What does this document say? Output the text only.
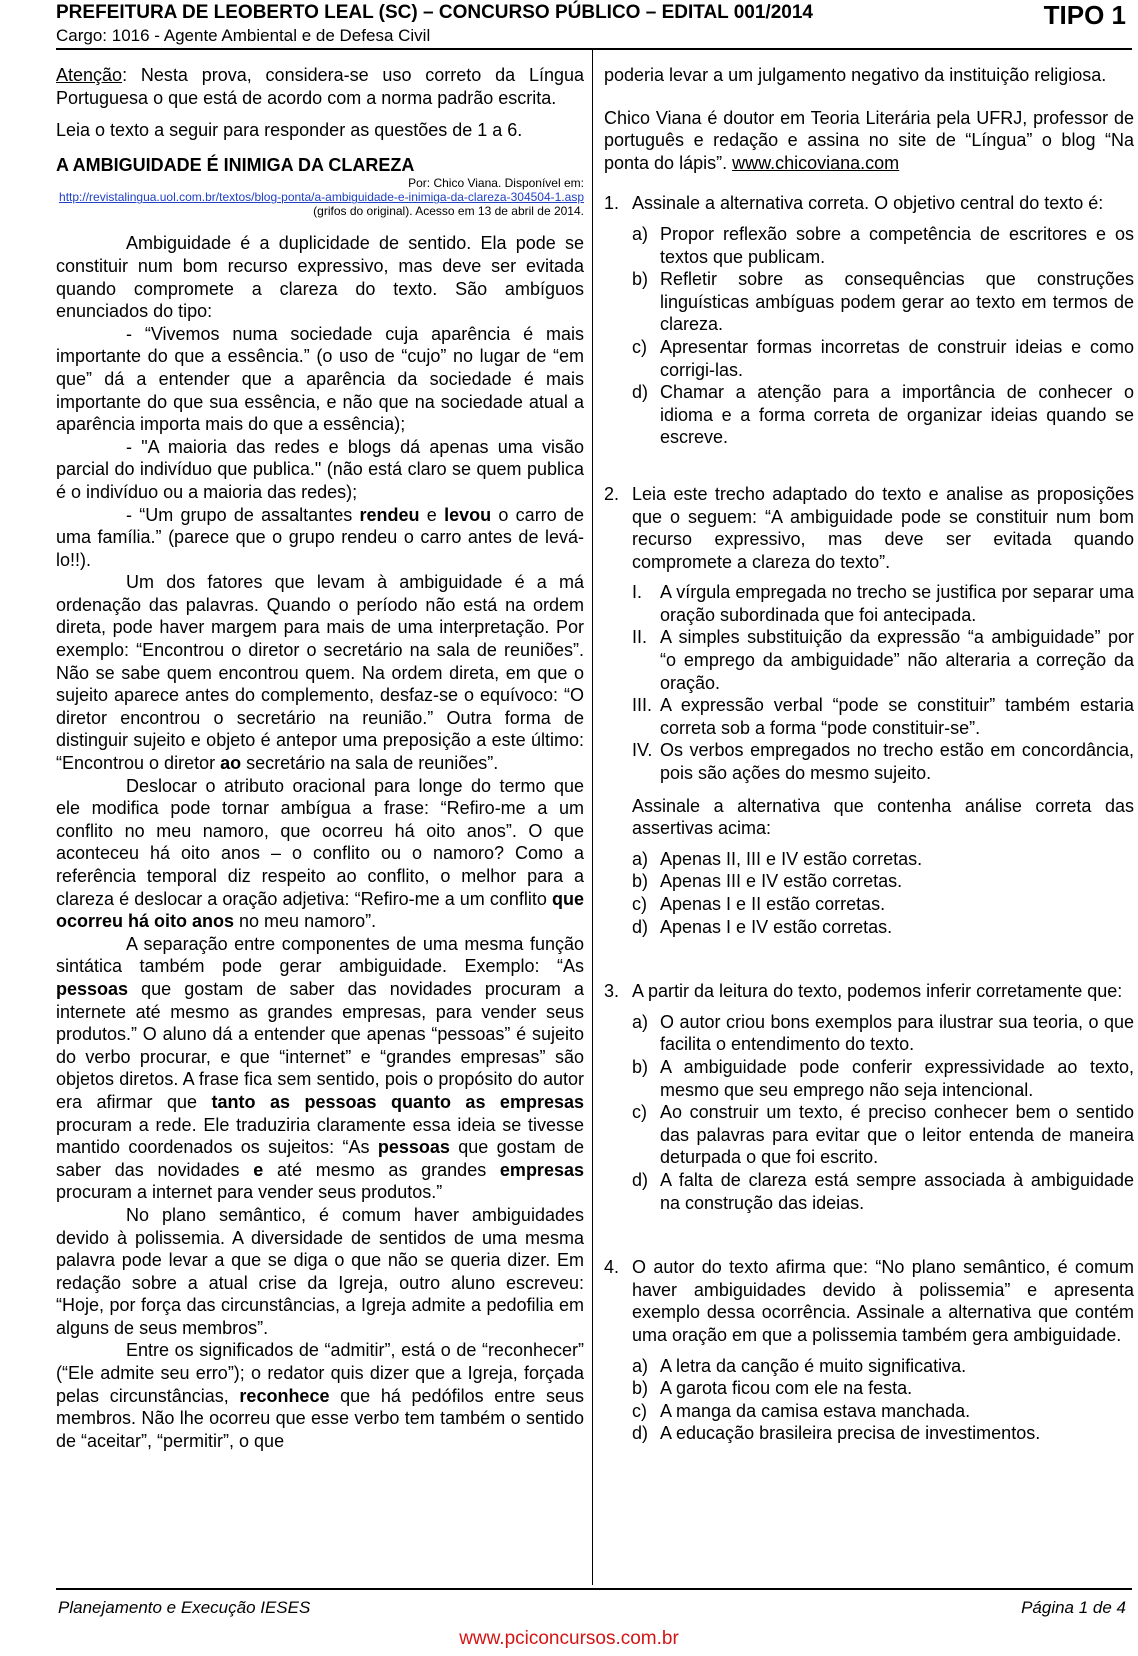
PREFEITURA DE LEOBERTO LEAL (SC) – CONCURSO PÚBLICO – EDITAL 001/2014
Cargo: 1016 - Agente Ambiental e de Defesa Civil
TIPO 1

Atenção: Nesta prova, considera-se uso correto da Língua Portuguesa o que está de acordo com a norma padrão escrita.

Leia o texto a seguir para responder as questões de 1 a 6.

A AMBIGUIDADE É INIMIGA DA CLAREZA

Por: Chico Viana. Disponível em:
http://revistalingua.uol.com.br/textos/blog-ponta/a-ambiguidade-e-inimiga-da-clareza-304504-1.asp (grifos do original). Acesso em 13 de abril de 2014.

Ambiguidade é a duplicidade de sentido. Ela pode se constituir num bom recurso expressivo, mas deve ser evitada quando compromete a clareza do texto. São ambíguos enunciados do tipo:

- “Vivemos numa sociedade cuja aparência é mais importante do que a essência.” (o uso de “cujo” no lugar de “em que” dá a entender que a aparência da sociedade é mais importante do que sua essência, e não que na sociedade atual a aparência importa mais do que a essência);

- "A maioria das redes e blogs dá apenas uma visão parcial do indivíduo que publica." (não está claro se quem publica é o indivíduo ou a maioria das redes);

- “Um grupo de assaltantes rendeu e levou o carro de uma família.” (parece que o grupo rendeu o carro antes de levá-lo!!).

Um dos fatores que levam à ambiguidade é a má ordenação das palavras. Quando o período não está na ordem direta, pode haver margem para mais de uma interpretação. Por exemplo: “Encontrou o diretor o secretário na sala de reuniões”. Não se sabe quem encontrou quem. Na ordem direta, em que o sujeito aparece antes do complemento, desfaz-se o equívoco: “O diretor encontrou o secretário na reunião.” Outra forma de distinguir sujeito e objeto é antepor uma preposição a este último: “Encontrou o diretor ao secretário na sala de reuniões”.

Deslocar o atributo oracional para longe do termo que ele modifica pode tornar ambígua a frase: “Refiro-me a um conflito no meu namoro, que ocorreu há oito anos”. O que aconteceu há oito anos – o conflito ou o namoro? Como a referência temporal diz respeito ao conflito, o melhor para a clareza é deslocar a oração adjetiva: “Refiro-me a um conflito que ocorreu há oito anos no meu namoro”.

A separação entre componentes de uma mesma função sintática também pode gerar ambiguidade. Exemplo: “As pessoas que gostam de saber das novidades procuram a internete até mesmo as grandes empresas, para vender seus produtos.” O aluno dá a entender que apenas “pessoas” é sujeito do verbo procurar, e que “internet” e “grandes empresas” são objetos diretos. A frase fica sem sentido, pois o propósito do autor era afirmar que tanto as pessoas quanto as empresas procuram a rede. Ele traduziria claramente essa ideia se tivesse mantido coordenados os sujeitos: “As pessoas que gostam de saber das novidades e até mesmo as grandes empresas procuram a internet para vender seus produtos.”

No plano semântico, é comum haver ambiguidades devido à polissemia. A diversidade de sentidos de uma mesma palavra pode levar a que se diga o que não se queria dizer. Em redação sobre a atual crise da Igreja, outro aluno escreveu: “Hoje, por força das circunstâncias, a Igreja admite a pedofilia em alguns de seus membros”.

Entre os significados de “admitir”, está o de “reconhecer” (“Ele admite seu erro”); o redator quis dizer que a Igreja, forçada pelas circunstâncias, reconhece que há pedófilos entre seus membros. Não lhe ocorreu que esse verbo tem também o sentido de “aceitar”, “permitir”, o que

poderia levar a um julgamento negativo da instituição religiosa.

Chico Viana é doutor em Teoria Literária pela UFRJ, professor de português e redação e assina no site de “Língua” o blog “Na ponta do lápis”. www.chicoviana.com

1. Assinale a alternativa correta. O objetivo central do texto é:

a) Propor reflexão sobre a competência de escritores e os textos que publicam.

b) Refletir sobre as consequências que construções linguísticas ambíguas podem gerar ao texto em termos de clareza.

c) Apresentar formas incorretas de construir ideias e como corrigi-las.

d) Chamar a atenção para a importância de conhecer o idioma e a forma correta de organizar ideias quando se escreve.

2. Leia este trecho adaptado do texto e analise as proposições que o seguem: “A ambiguidade pode se constituir num bom recurso expressivo, mas deve ser evitada quando compromete a clareza do texto”.

I. A vírgula empregada no trecho se justifica por separar uma oração subordinada que foi antecipada.

II. A simples substituição da expressão “a ambiguidade” por “o emprego da ambiguidade” não alteraria a correção da oração.

III. A expressão verbal “pode se constituir” também estaria correta sob a forma “pode constituir-se”.

IV. Os verbos empregados no trecho estão em concordância, pois são ações do mesmo sujeito.

Assinale a alternativa que contenha análise correta das assertivas acima:

a) Apenas II, III e IV estão corretas.

b) Apenas III e IV estão corretas.

c) Apenas I e II estão corretas.

d) Apenas I e IV estão corretas.

3. A partir da leitura do texto, podemos inferir corretamente que:

a) O autor criou bons exemplos para ilustrar sua teoria, o que facilita o entendimento do texto.

b) A ambiguidade pode conferir expressividade ao texto, mesmo que seu emprego não seja intencional.

c) Ao construir um texto, é preciso conhecer bem o sentido das palavras para evitar que o leitor entenda de maneira deturpada o que foi escrito.

d) A falta de clareza está sempre associada à ambiguidade na construção das ideias.

4. O autor do texto afirma que: “No plano semântico, é comum haver ambiguidades devido à polissemia” e apresenta exemplo dessa ocorrência. Assinale a alternativa que contém uma oração em que a polissemia também gera ambiguidade.

a) A letra da canção é muito significativa.

b) A garota ficou com ele na festa.

c) A manga da camisa estava manchada.

d) A educação brasileira precisa de investimentos.

Planejamento e Execução IESES	Página 1 de 4
www.pciconcursos.com.br
